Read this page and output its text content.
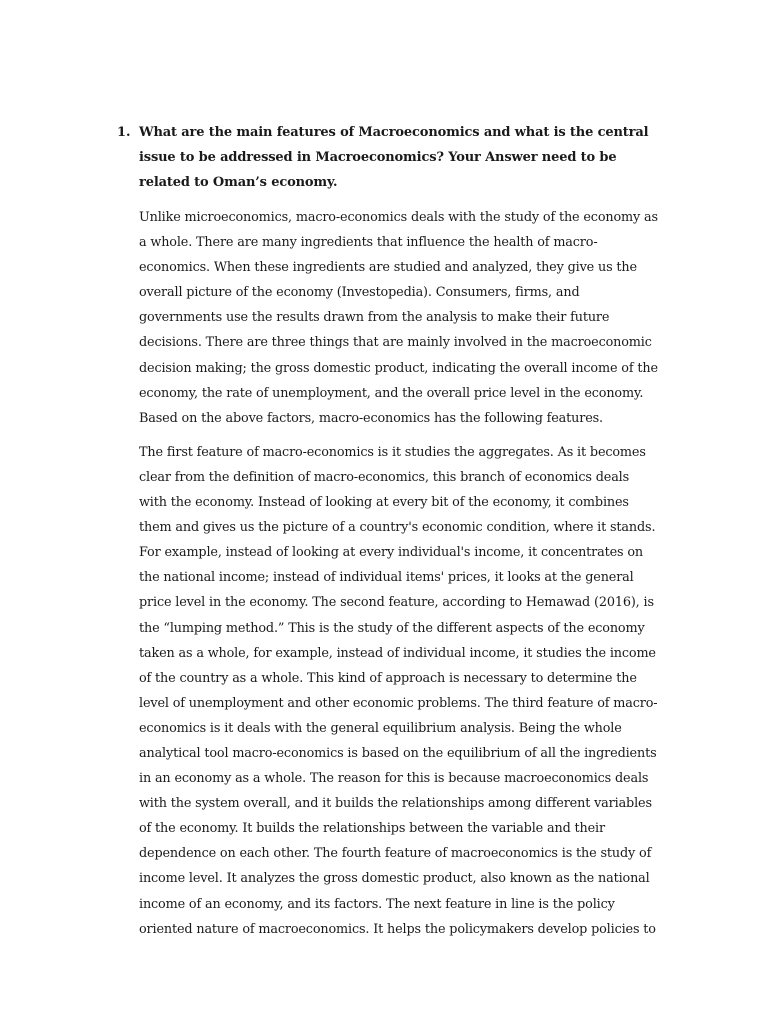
1. What are the main features of Macroeconomics and what is the central issue to be addressed in Macroeconomics? Your Answer need to be related to Oman’s economy.

Unlike microeconomics, macro-economics deals with the study of the economy as a whole. There are many ingredients that influence the health of macro-economics. When these ingredients are studied and analyzed, they give us the overall picture of the economy (Investopedia). Consumers, firms, and governments use the results drawn from the analysis to make their future decisions. There are three things that are mainly involved in the macroeconomic decision making; the gross domestic product, indicating the overall income of the economy, the rate of unemployment, and the overall price level in the economy. Based on the above factors, macro-economics has the following features.

The first feature of macro-economics is it studies the aggregates. As it becomes clear from the definition of macro-economics, this branch of economics deals with the economy. Instead of looking at every bit of the economy, it combines them and gives us the picture of a country's economic condition, where it stands. For example, instead of looking at every individual's income, it concentrates on the national income; instead of individual items' prices, it looks at the general price level in the economy. The second feature, according to Hemawad (2016), is the “lumping method.” This is the study of the different aspects of the economy taken as a whole, for example, instead of individual income, it studies the income of the country as a whole. This kind of approach is necessary to determine the level of unemployment and other economic problems. The third feature of macro-economics is it deals with the general equilibrium analysis. Being the whole analytical tool macro-economics is based on the equilibrium of all the ingredients in an economy as a whole. The reason for this is because macroeconomics deals with the system overall, and it builds the relationships among different variables of the economy. It builds the relationships between the variable and their dependence on each other. The fourth feature of macroeconomics is the study of income level. It analyzes the gross domestic product, also known as the national income of an economy, and its factors. The next feature in line is the policy oriented nature of macroeconomics. It helps the policymakers develop policies to
